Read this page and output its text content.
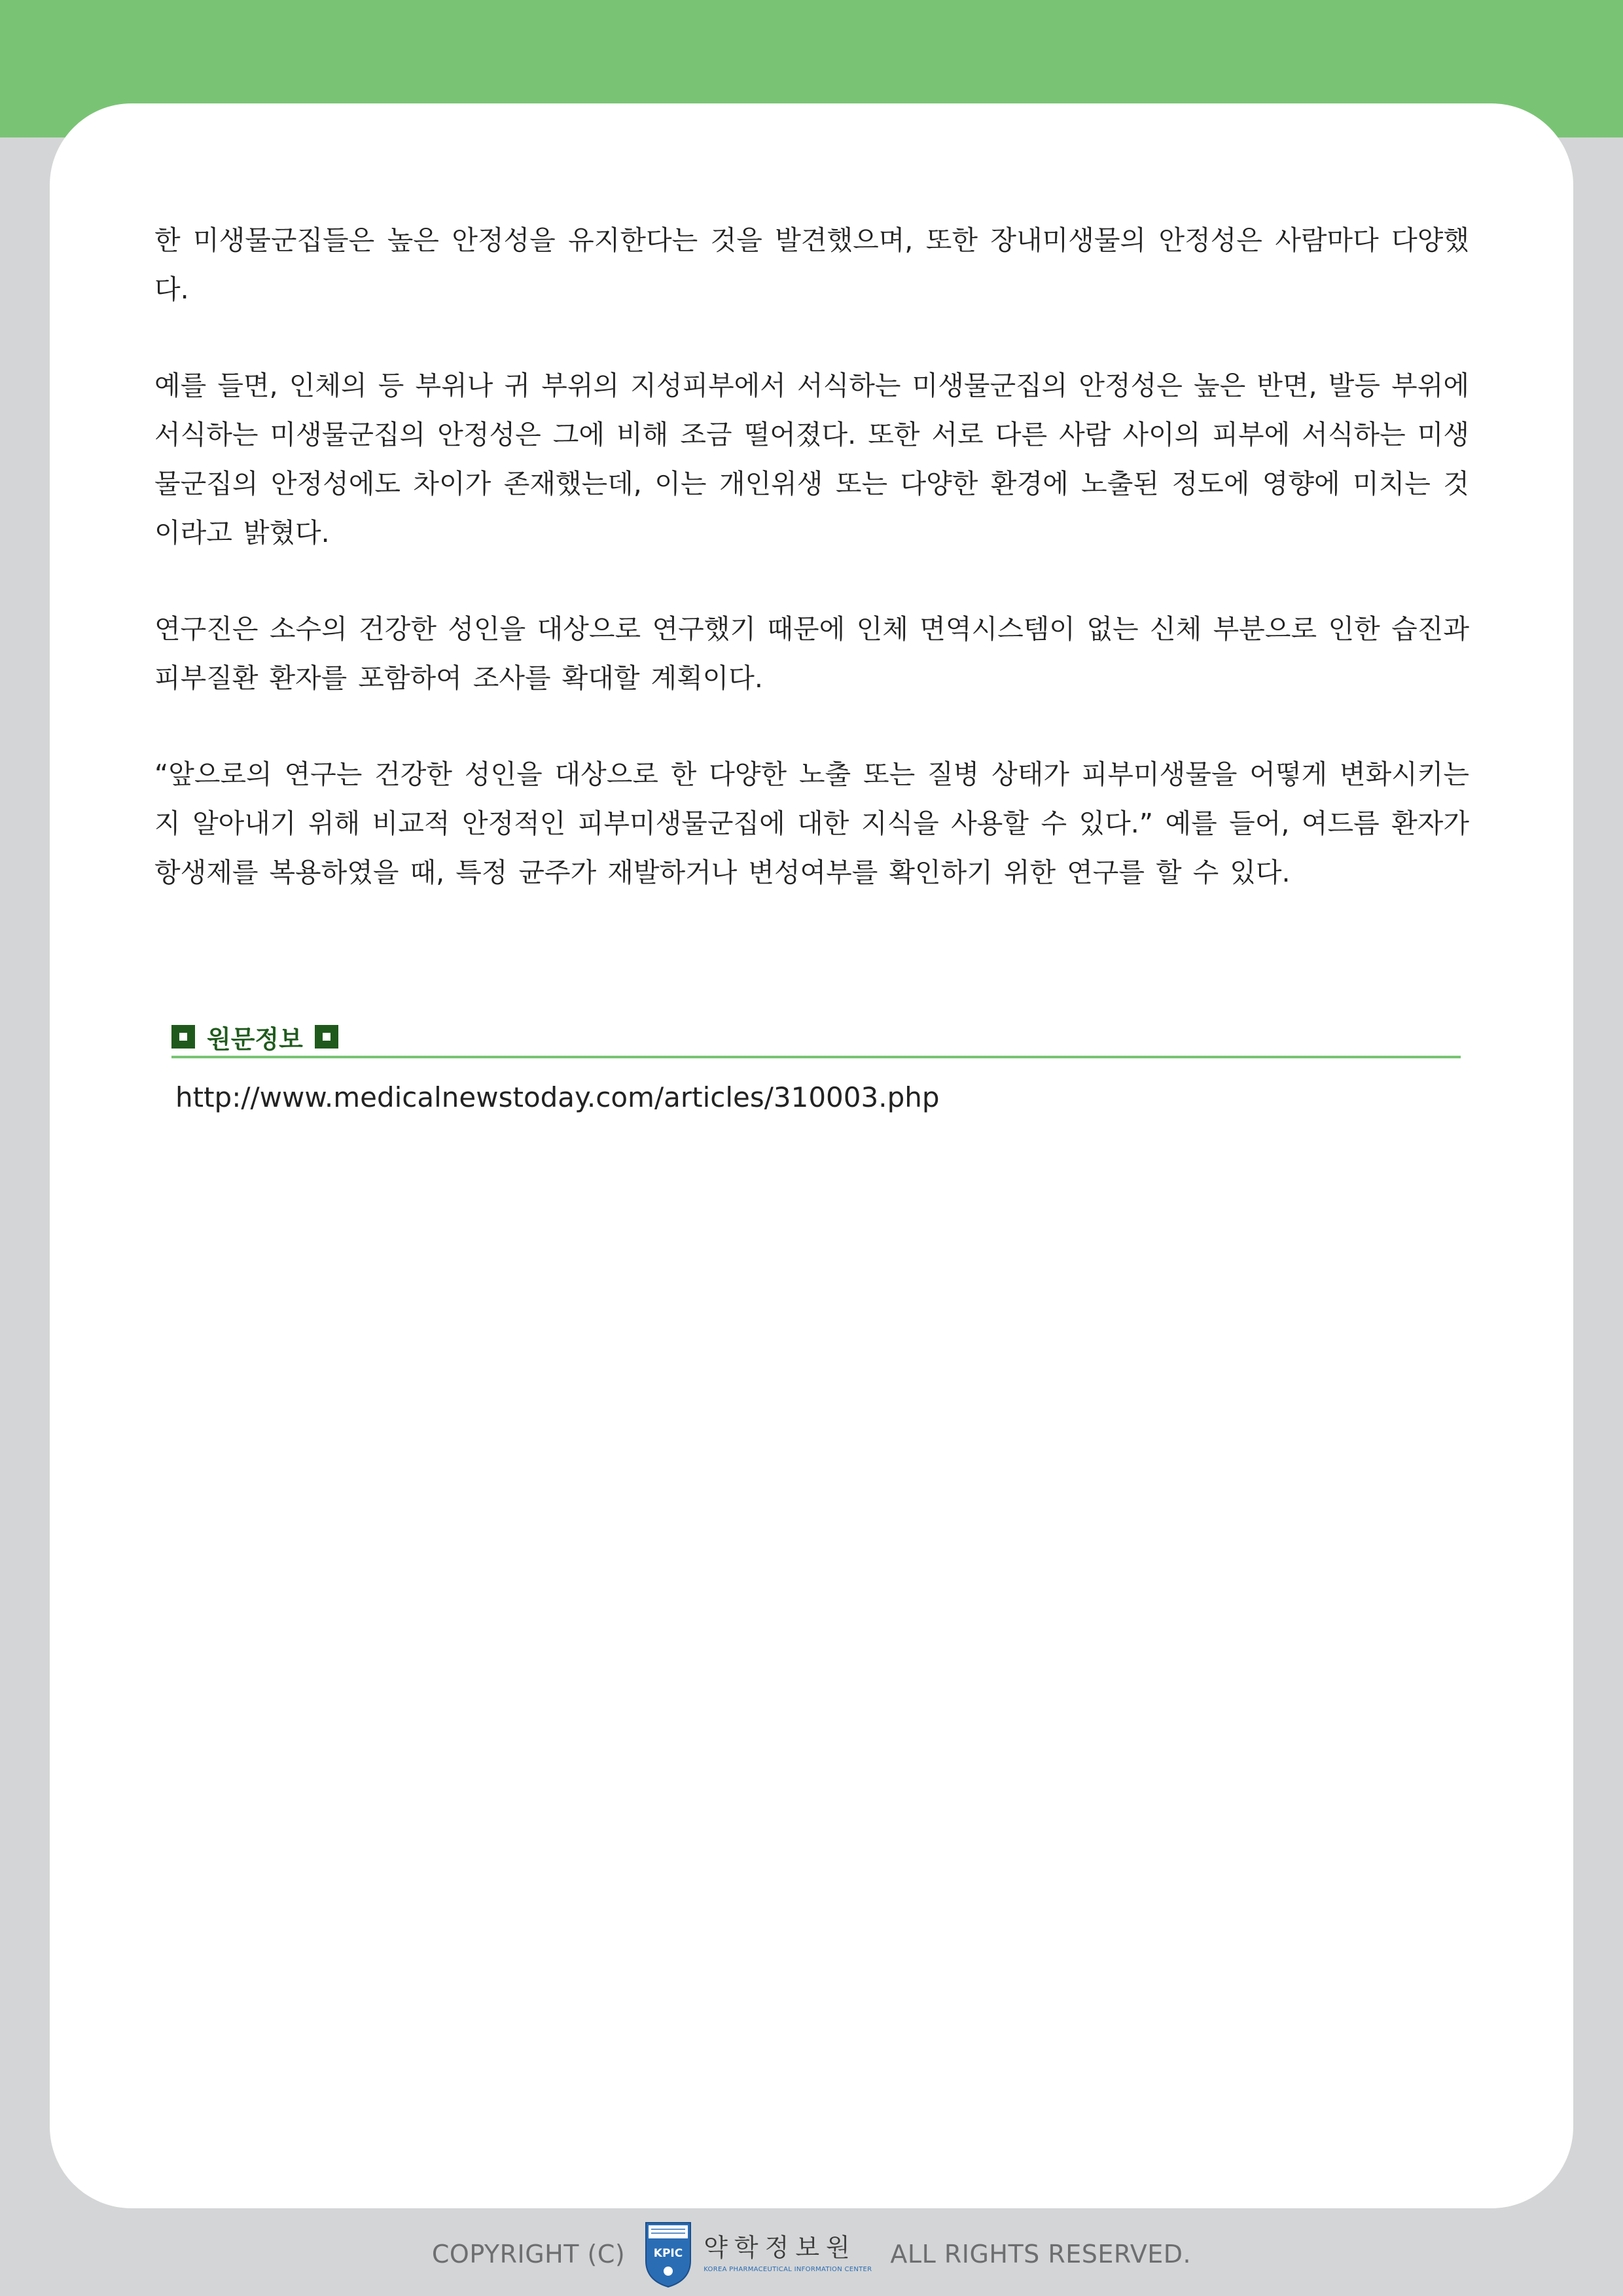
한 미생물군집들은 높은 안정성을 유지한다는 것을 발견했으며, 또한 장내미생물의 안정성은 사람마다 다양했다.

예를 들면, 인체의 등 부위나 귀 부위의 지성피부에서 서식하는 미생물군집의 안정성은 높은 반면, 발등 부위에 서식하는 미생물군집의 안정성은 그에 비해 조금 떨어졌다. 또한 서로 다른 사람 사이의 피부에 서식하는 미생물군집의 안정성에도 차이가 존재했는데, 이는 개인위생 또는 다양한 환경에 노출된 정도에 영향에 미치는 것이라고 밝혔다.

연구진은 소수의 건강한 성인을 대상으로 연구했기 때문에 인체 면역시스템이 없는 신체 부분으로 인한 습진과 피부질환 환자를 포함하여 조사를 확대할 계획이다.

“앞으로의 연구는 건강한 성인을 대상으로 한 다양한 노출 또는 질병 상태가 피부미생물을 어떻게 변화시키는지 알아내기 위해 비교적 안정적인 피부미생물군집에 대한 지식을 사용할 수 있다.” 예를 들어, 여드름 환자가 항생제를 복용하였을 때, 특정 균주가 재발하거나 변성여부를 확인하기 위한 연구를 할 수 있다.

원문정보
http://www.medicalnewstoday.com/articles/310003.php
COPYRIGHT (C)	KPIC 약학정보원
KOREA PHARMACEUTICAL INFORMATION CENTER
ALL RIGHTS RESERVED.
